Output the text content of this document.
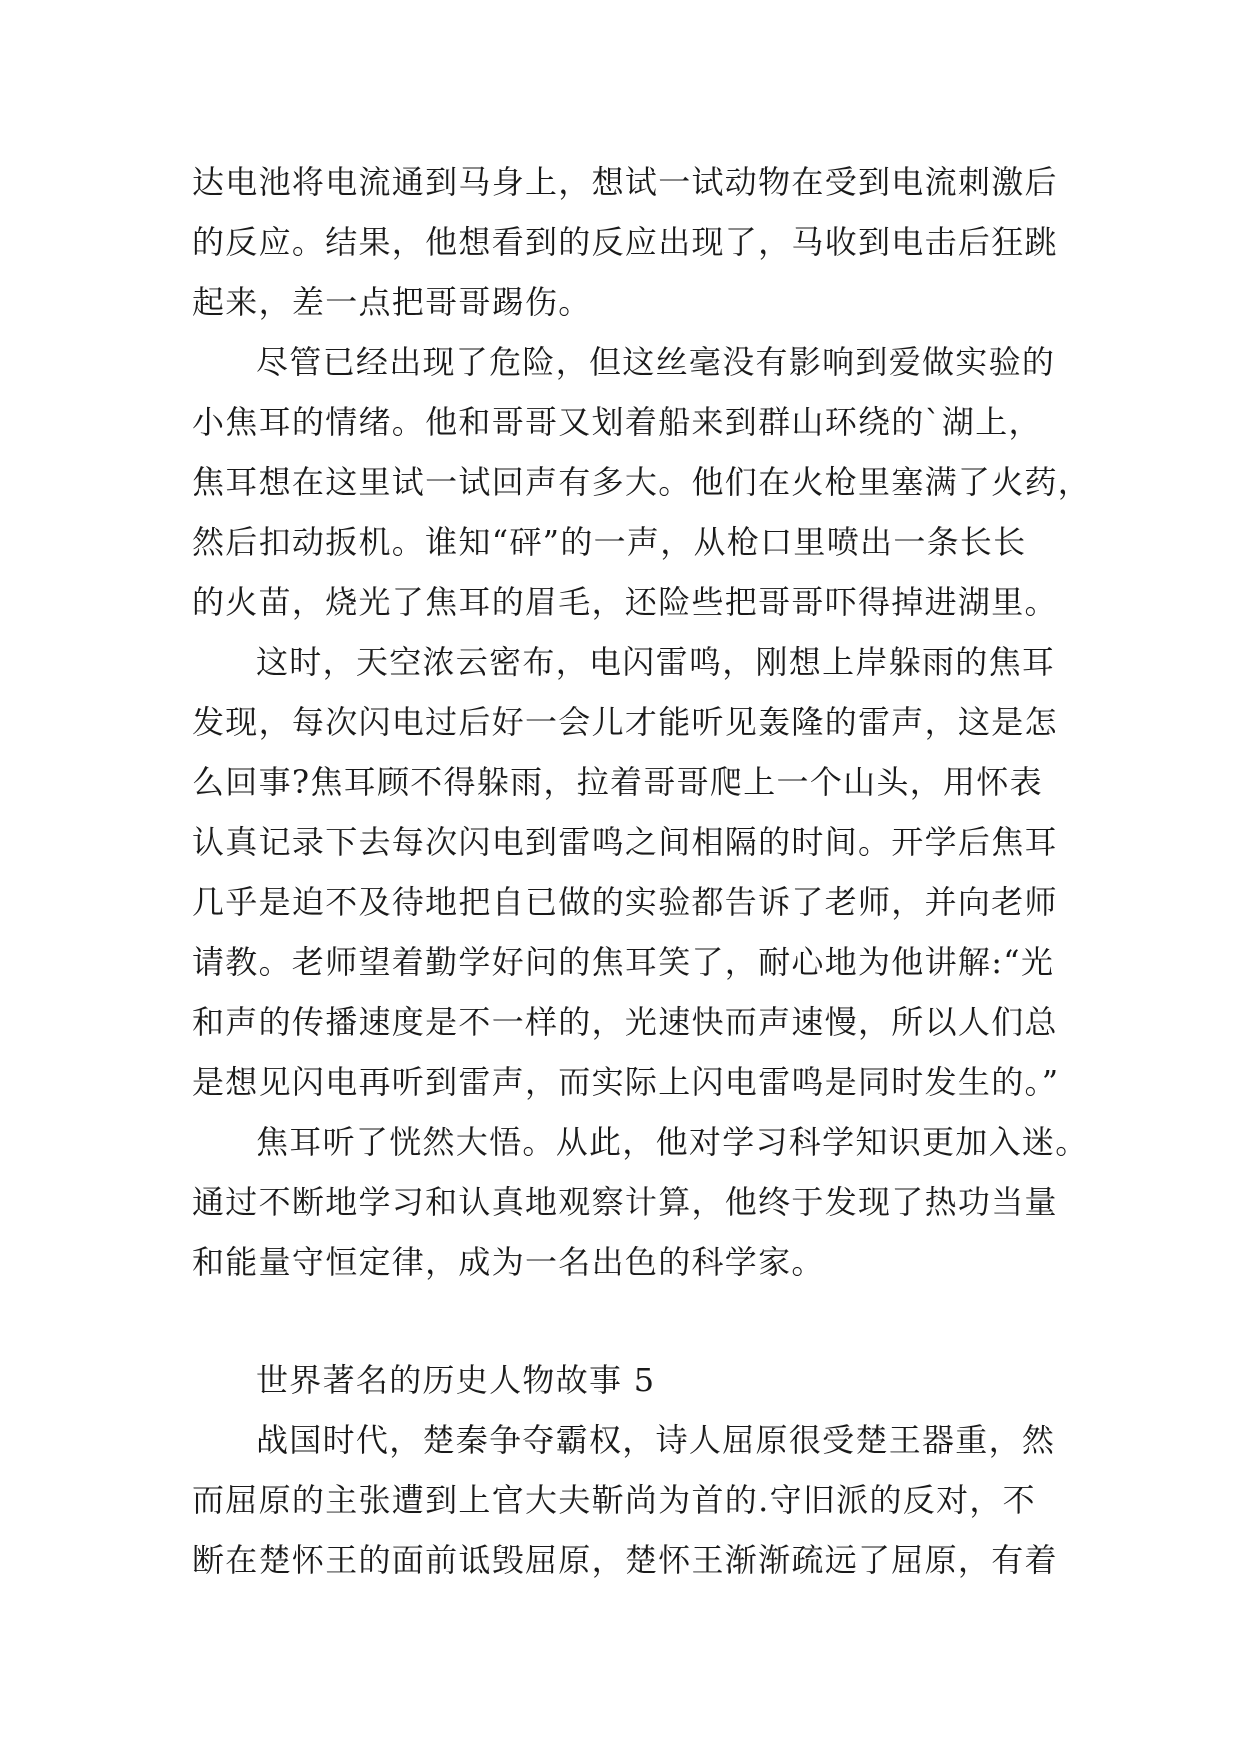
达电池将电流通到马身上，想试一试动物在受到电流刺激后
的反应。结果，他想看到的反应出现了，马收到电击后狂跳
起来，差一点把哥哥踢伤。
尽管已经出现了危险，但这丝毫没有影响到爱做实验的
小焦耳的情绪。他和哥哥又划着船来到群山环绕的`湖上，
焦耳想在这里试一试回声有多大。他们在火枪里塞满了火药，
然后扣动扳机。谁知“砰”的一声，从枪口里喷出一条长长
的火苗，烧光了焦耳的眉毛，还险些把哥哥吓得掉进湖里。
这时，天空浓云密布，电闪雷鸣，刚想上岸躲雨的焦耳
发现，每次闪电过后好一会儿才能听见轰隆的雷声，这是怎
么回事?焦耳顾不得躲雨，拉着哥哥爬上一个山头，用怀表
认真记录下去每次闪电到雷鸣之间相隔的时间。开学后焦耳
几乎是迫不及待地把自已做的实验都告诉了老师，并向老师
请教。老师望着勤学好问的焦耳笑了，耐心地为他讲解:“光
和声的传播速度是不一样的，光速快而声速慢，所以人们总
是想见闪电再听到雷声，而实际上闪电雷鸣是同时发生的。”
焦耳听了恍然大悟。从此，他对学习科学知识更加入迷。
通过不断地学习和认真地观察计算，他终于发现了热功当量
和能量守恒定律，成为一名出色的科学家。
世界著名的历史人物故事 5
战国时代，楚秦争夺霸权，诗人屈原很受楚王器重，然
而屈原的主张遭到上官大夫靳尚为首的.守旧派的反对，不
断在楚怀王的面前诋毁屈原，楚怀王渐渐疏远了屈原，有着
